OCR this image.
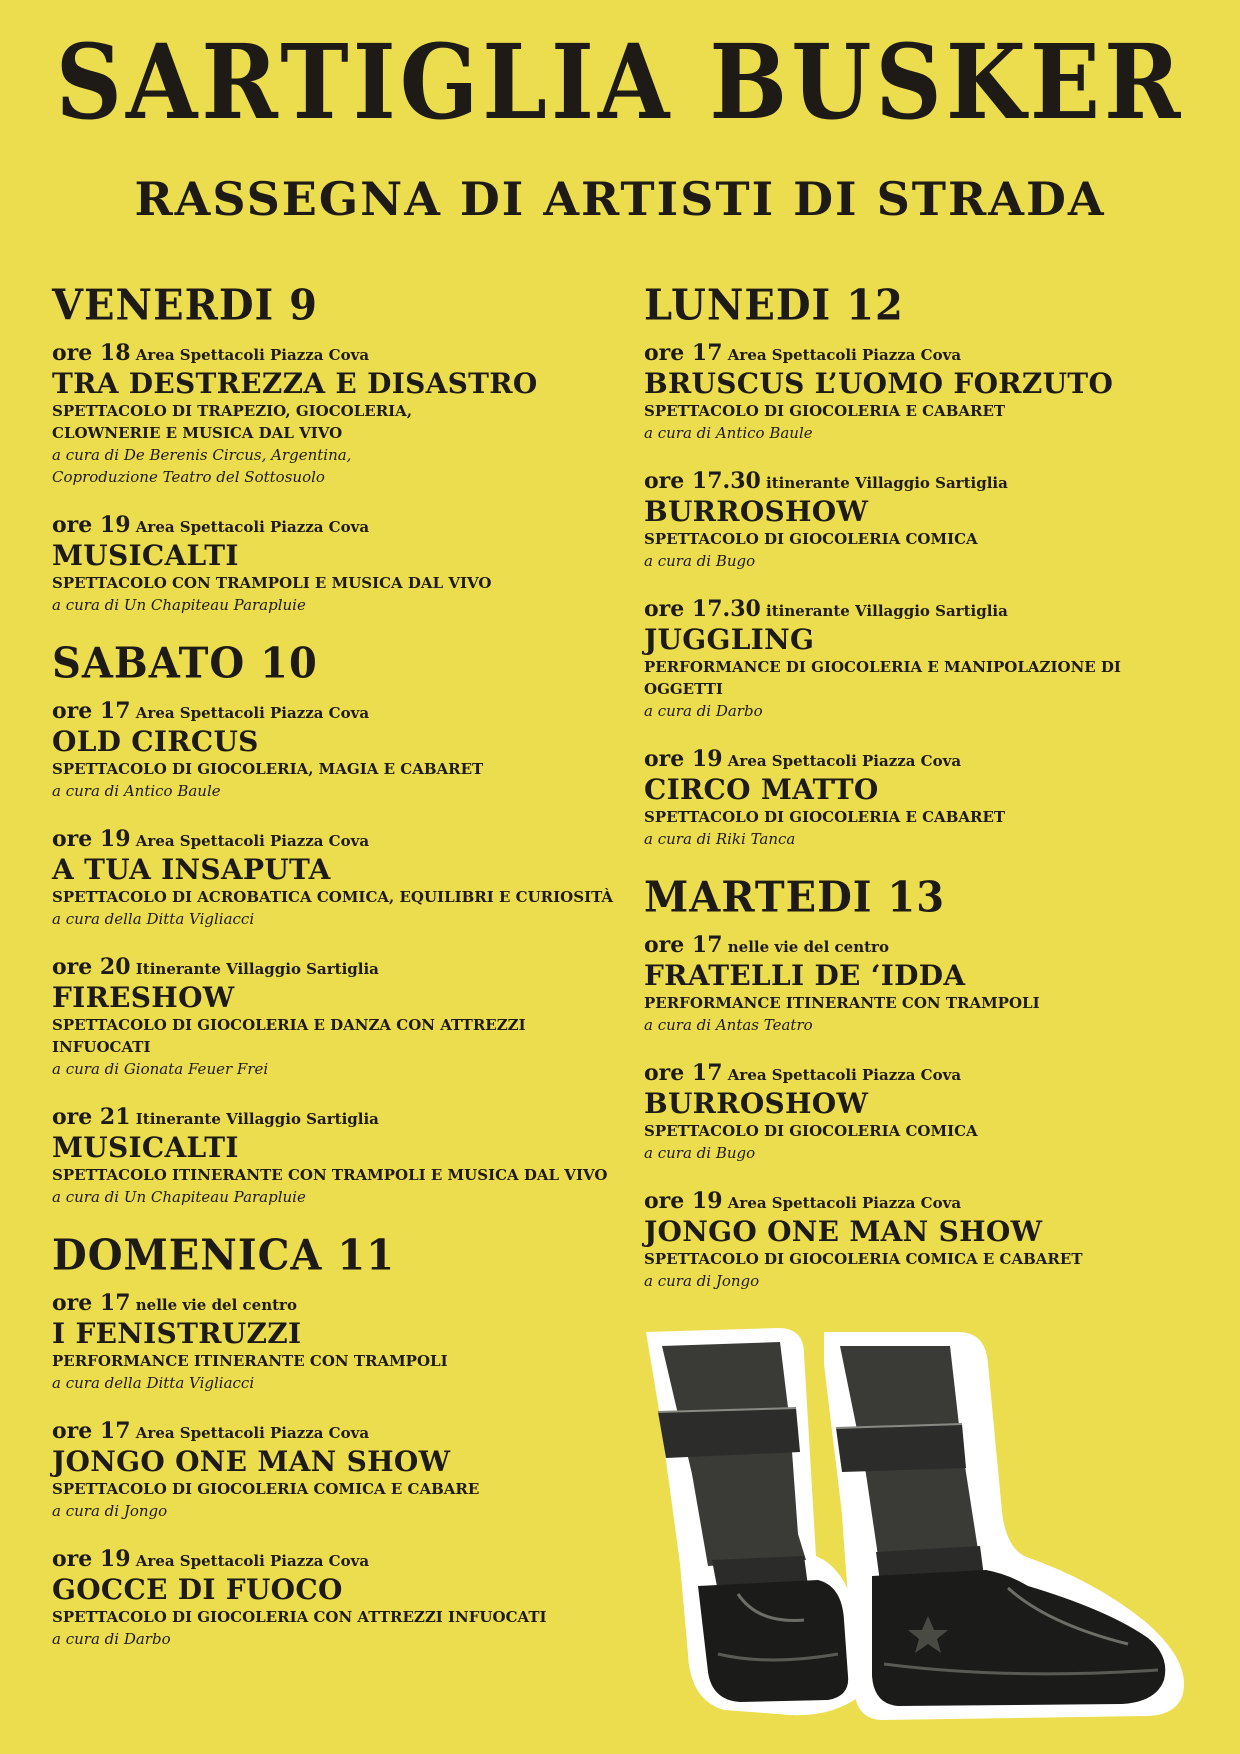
SARTIGLIA BUSKER
RASSEGNA DI ARTISTI DI STRADA
VENERDI 9
ore 18 Area Spettacoli Piazza Cova
TRA DESTREZZA E DISASTRO
SPETTACOLO DI TRAPEZIO, GIOCOLERIA,
CLOWNERIE E MUSICA DAL VIVO
a cura di De Berenis Circus, Argentina,
Coproduzione Teatro del Sottosuolo
ore 19 Area Spettacoli Piazza Cova
MUSICALTI
SPETTACOLO CON TRAMPOLI E MUSICA DAL VIVO
a cura di Un Chapiteau Parapluie
SABATO 10
ore 17 Area Spettacoli Piazza Cova
OLD CIRCUS
SPETTACOLO DI GIOCOLERIA, MAGIA E CABARET
a cura di Antico Baule
ore 19 Area Spettacoli Piazza Cova
A TUA INSAPUTA
SPETTACOLO DI ACROBATICA COMICA, EQUILIBRI E CURIOSITÀ
a cura della Ditta Vigliacci
ore 20 Itinerante Villaggio Sartiglia
FIRESHOW
SPETTACOLO DI GIOCOLERIA E DANZA CON ATTREZZI INFUOCATI
a cura di Gionata Feuer Frei
ore 21 Itinerante Villaggio Sartiglia
MUSICALTI
SPETTACOLO ITINERANTE CON TRAMPOLI E MUSICA DAL VIVO
a cura di Un Chapiteau Parapluie
DOMENICA 11
ore 17 nelle vie del centro
I FENISTRUZZI
PERFORMANCE ITINERANTE CON TRAMPOLI
a cura della Ditta Vigliacci
ore 17 Area Spettacoli Piazza Cova
JONGO ONE MAN SHOW
SPETTACOLO DI GIOCOLERIA COMICA E CABARE
a cura di Jongo
ore 19 Area Spettacoli Piazza Cova
GOCCE DI FUOCO
SPETTACOLO DI GIOCOLERIA CON ATTREZZI INFUOCATI
a cura di Darbo
LUNEDI 12
ore 17 Area Spettacoli Piazza Cova
BRUSCUS L’UOMO FORZUTO
SPETTACOLO DI GIOCOLERIA E CABARET
a cura di Antico Baule
ore 17.30 itinerante Villaggio Sartiglia
BURROSHOW
SPETTACOLO DI GIOCOLERIA COMICA
a cura di Bugo
ore 17.30 itinerante Villaggio Sartiglia
JUGGLING
PERFORMANCE DI GIOCOLERIA E MANIPOLAZIONE DI OGGETTI
a cura di Darbo
ore 19 Area Spettacoli Piazza Cova
CIRCO MATTO
SPETTACOLO DI GIOCOLERIA E CABARET
a cura di Riki Tanca
MARTEDI 13
ore 17 nelle vie del centro
FRATELLI DE ‘IDDA
PERFORMANCE ITINERANTE CON TRAMPOLI
a cura di Antas Teatro
ore 17 Area Spettacoli Piazza Cova
BURROSHOW
SPETTACOLO DI GIOCOLERIA COMICA
a cura di Bugo
ore 19 Area Spettacoli Piazza Cova
JONGO ONE MAN SHOW
SPETTACOLO DI GIOCOLERIA COMICA E CABARET
a cura di Jongo
